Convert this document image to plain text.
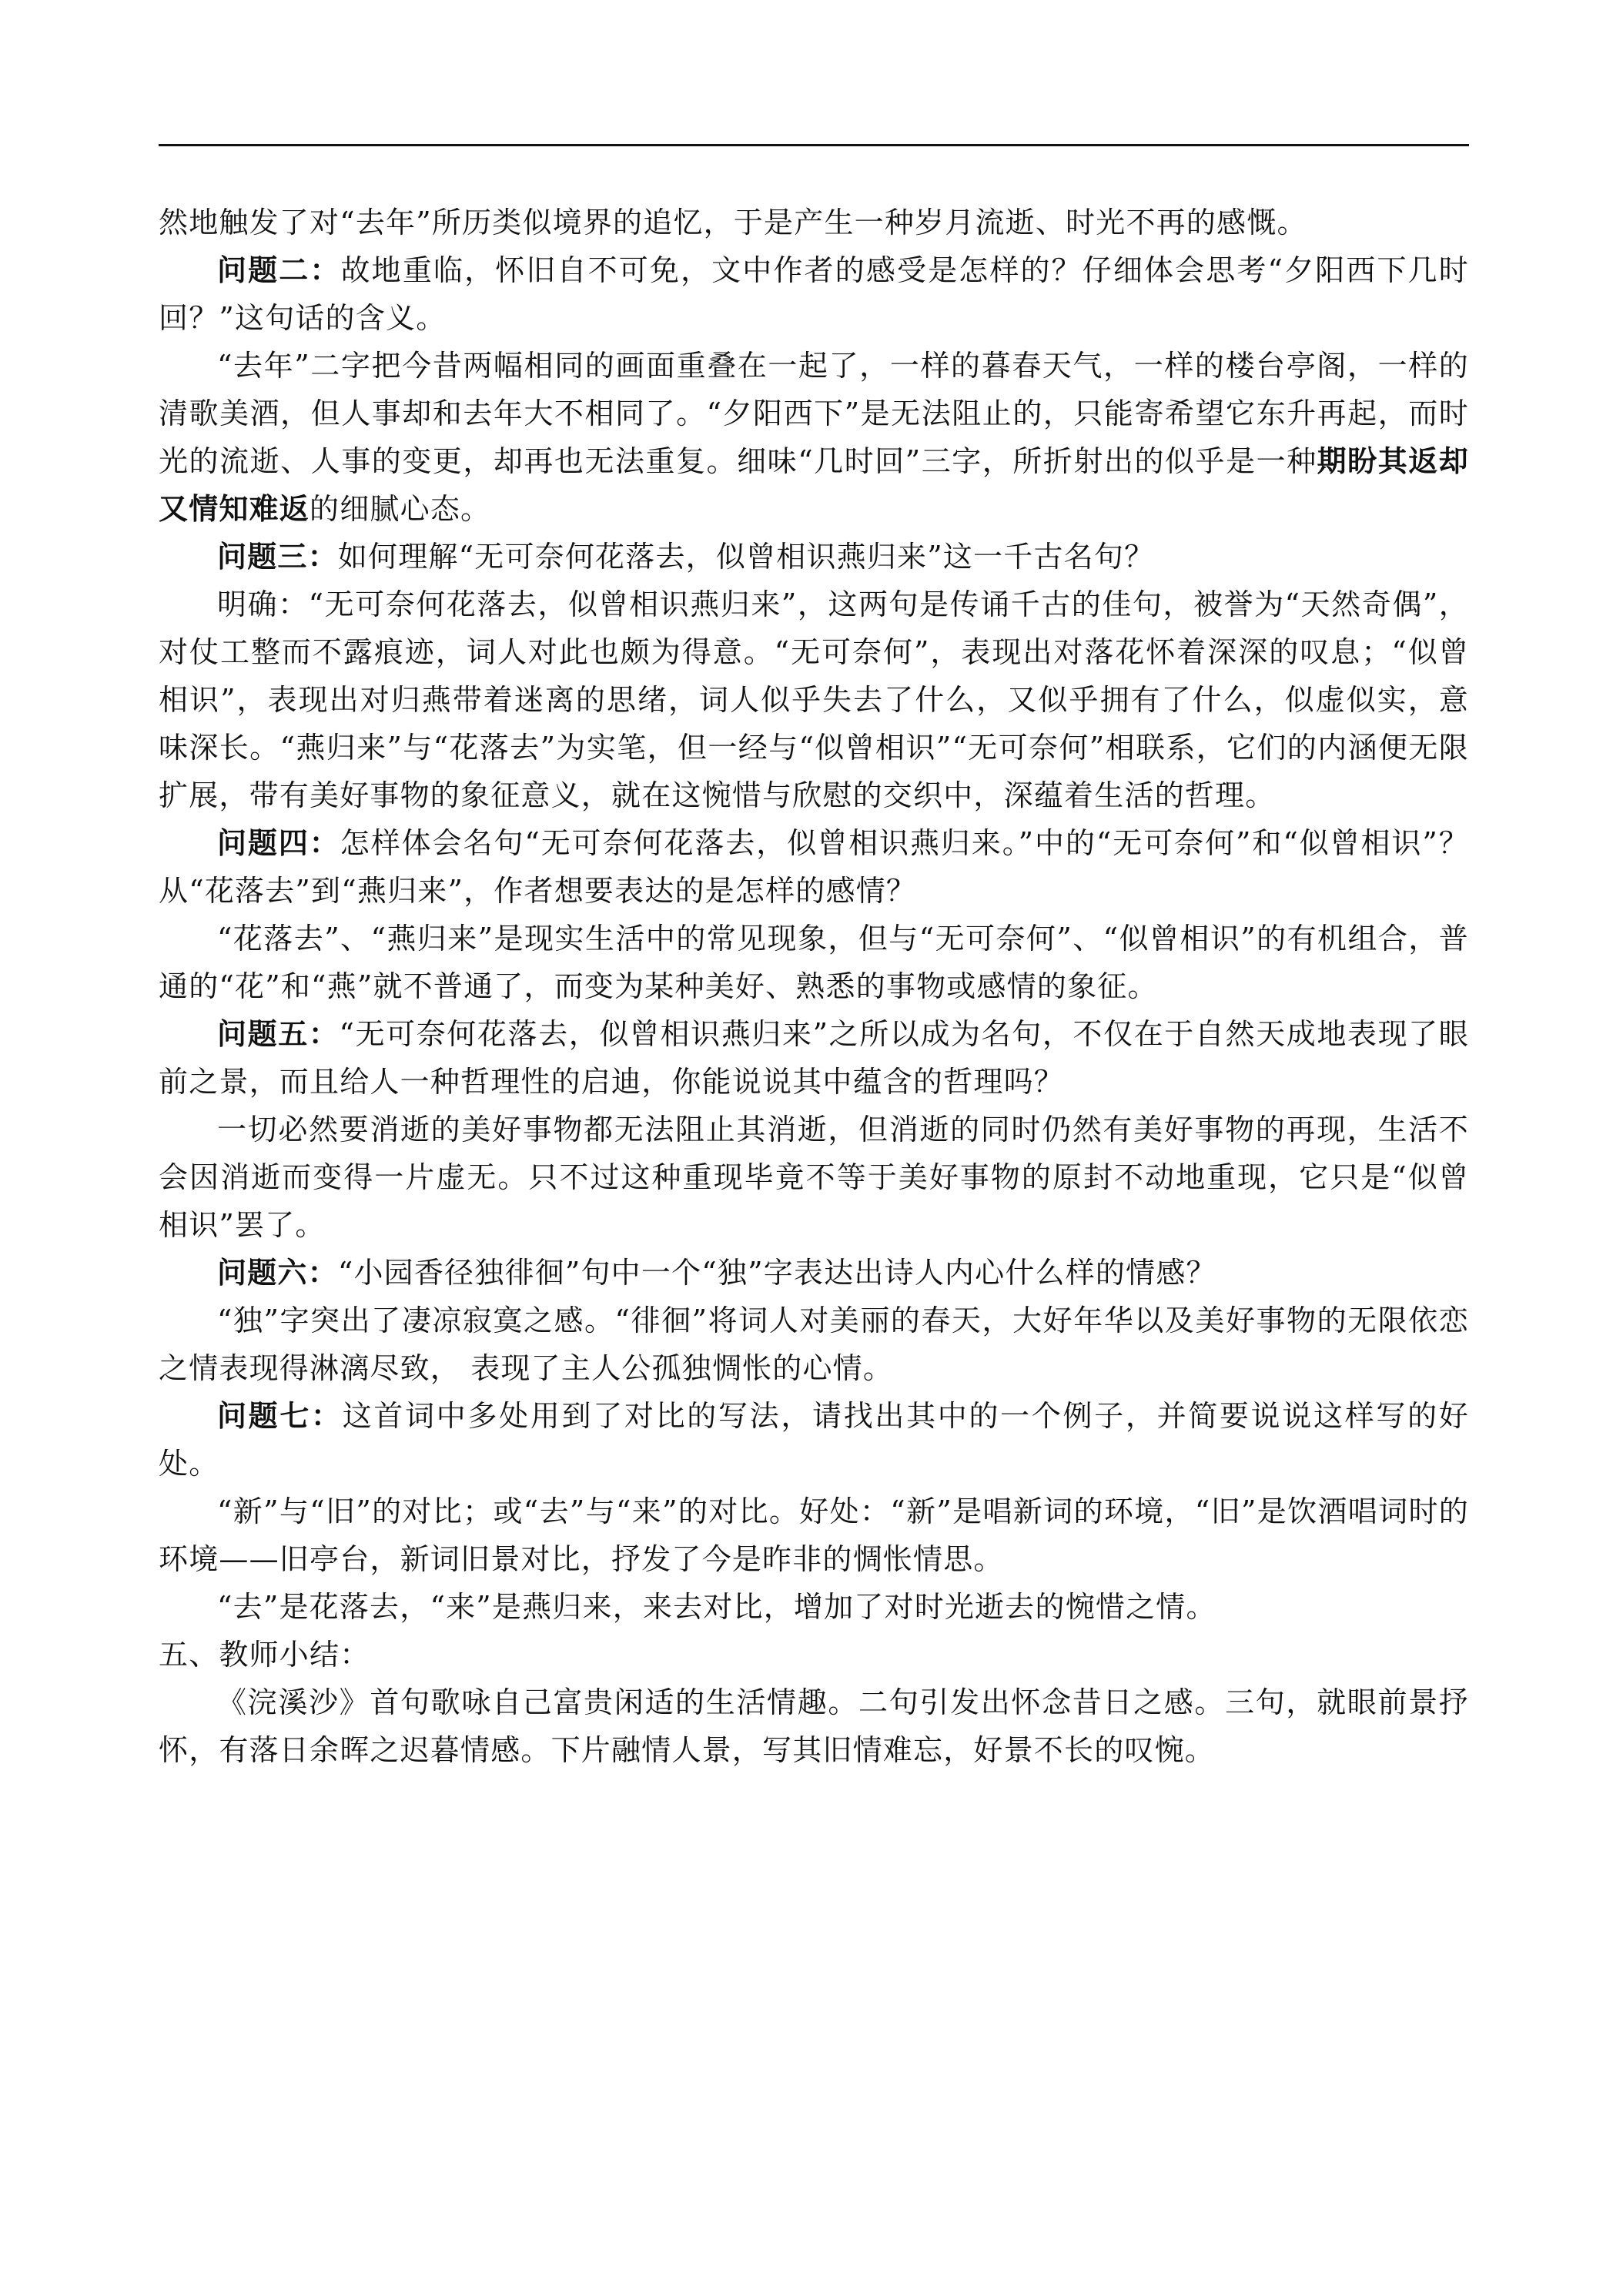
然地触发了对“去年”所历类似境界的追忆，于是产生一种岁月流逝、时光不再的感慨。

问题二：故地重临，怀旧自不可免，文中作者的感受是怎样的？仔细体会思考“夕阳西下几时回？”这句话的含义。

“去年”二字把今昔两幅相同的画面重叠在一起了，一样的暮春天气，一样的楼台亭阁，一样的清歌美酒，但人事却和去年大不相同了。“夕阳西下”是无法阻止的，只能寄希望它东升再起，而时光的流逝、人事的变更，却再也无法重复。细味“几时回”三字，所折射出的似乎是一种期盼其返却又情知难返的细腻心态。

问题三：如何理解“无可奈何花落去，似曾相识燕归来”这一千古名句？

明确：“无可奈何花落去，似曾相识燕归来”，这两句是传诵千古的佳句，被誉为“天然奇偶”，对仗工整而不露痕迹，词人对此也颇为得意。“无可奈何”，表现出对落花怀着深深的叹息；“似曾相识”，表现出对归燕带着迷离的思绪，词人似乎失去了什么，又似乎拥有了什么，似虚似实，意味深长。“燕归来”与“花落去”为实笔，但一经与“似曾相识”“无可奈何”相联系，它们的内涵便无限扩展，带有美好事物的象征意义，就在这惋惜与欣慰的交织中，深蕴着生活的哲理。

问题四：怎样体会名句“无可奈何花落去，似曾相识燕归来。”中的“无可奈何”和“似曾相识”？从“花落去”到“燕归来”，作者想要表达的是怎样的感情？

“花落去”、“燕归来”是现实生活中的常见现象，但与“无可奈何”、“似曾相识”的有机组合，普通的“花”和“燕”就不普通了，而变为某种美好、熟悉的事物或感情的象征。

问题五：“无可奈何花落去，似曾相识燕归来”之所以成为名句，不仅在于自然天成地表现了眼前之景，而且给人一种哲理性的启迪，你能说说其中蕴含的哲理吗？

一切必然要消逝的美好事物都无法阻止其消逝，但消逝的同时仍然有美好事物的再现，生活不会因消逝而变得一片虚无。只不过这种重现毕竟不等于美好事物的原封不动地重现，它只是“似曾相识”罢了。

问题六：“小园香径独徘徊”句中一个“独”字表达出诗人内心什么样的情感？

“独”字突出了凄凉寂寞之感。“徘徊”将词人对美丽的春天，大好年华以及美好事物的无限依恋之情表现得淋漓尽致， 表现了主人公孤独惆怅的心情。

问题七：这首词中多处用到了对比的写法，请找出其中的一个例子，并简要说说这样写的好处。

“新”与“旧”的对比；或“去”与“来”的对比。好处：“新”是唱新词的环境，“旧”是饮酒唱词时的环境——旧亭台，新词旧景对比，抒发了今是昨非的惆怅情思。

“去”是花落去，“来”是燕归来，来去对比，增加了对时光逝去的惋惜之情。

五、教师小结：

《浣溪沙》首句歌咏自己富贵闲适的生活情趣。二句引发出怀念昔日之感。三句，就眼前景抒怀，有落日余晖之迟暮情感。下片融情人景，写其旧情难忘，好景不长的叹惋。
